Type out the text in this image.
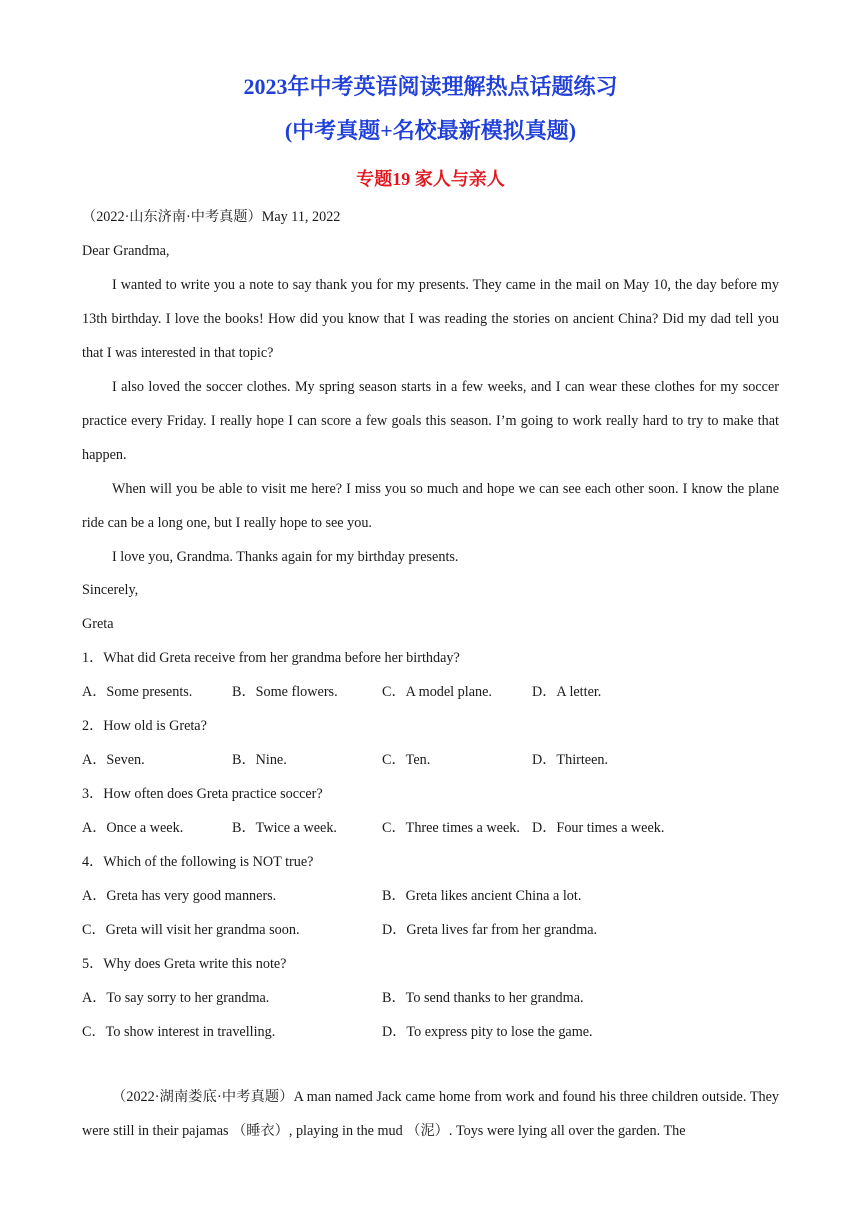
2023年中考英语阅读理解热点话题练习
(中考真题+名校最新模拟真题)
专题19 家人与亲人
（2022·山东济南·中考真题）May 11, 2022
Dear Grandma,
I wanted to write you a note to say thank you for my presents. They came in the mail on May 10, the day before my 13th birthday. I love the books! How did you know that I was reading the stories on ancient China? Did my dad tell you that I was interested in that topic?
I also loved the soccer clothes. My spring season starts in a few weeks, and I can wear these clothes for my soccer practice every Friday. I really hope I can score a few goals this season. I’m going to work really hard to try to make that happen.
When will you be able to visit me here? I miss you so much and hope we can see each other soon. I know the plane ride can be a long one, but I really hope to see you.
I love you, Grandma. Thanks again for my birthday presents.
Sincerely,
Greta
1．What did Greta receive from her grandma before her birthday?
A．Some presents.	B．Some flowers.	C．A model plane.	D．A letter.
2．How old is Greta?
A．Seven.	B．Nine.	C．Ten.	D．Thirteen.
3．How often does Greta practice soccer?
A．Once a week.	B．Twice a week.	C．Three times a week. D．Four times a week.
4．Which of the following is NOT true?
A．Greta has very good manners.	B．Greta likes ancient China a lot.
C．Greta will visit her grandma soon.	D．Greta lives far from her grandma.
5．Why does Greta write this note?
A．To say sorry to her grandma.	B．To send thanks to her grandma.
C．To show interest in travelling.	D．To express pity to lose the game.
（2022·湖南娄底·中考真题）A man named Jack came home from work and found his three children outside. They were still in their pajamas （睡衣）, playing in the mud （泥）. Toys were lying all over the garden. The
